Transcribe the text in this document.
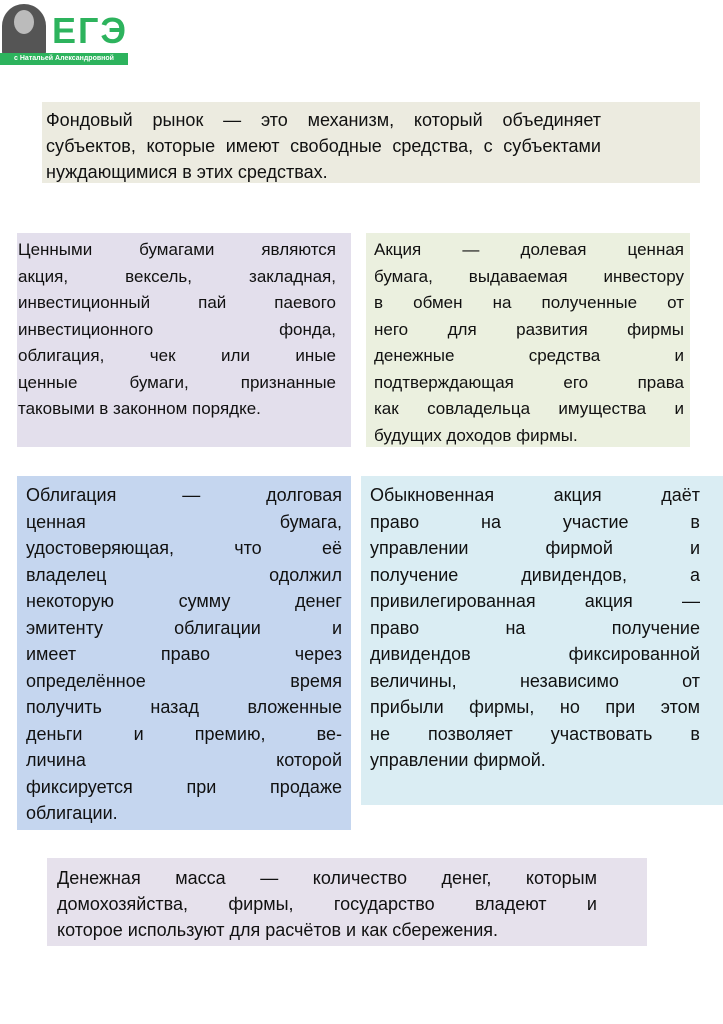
ЕГЭ
с Натальей Александровной
Фондовый рынок — это механизм, который объединяет
субъектов, которые имеют свободные средства, с субъектами
нуждающимися в этих средствах.
Ценными бумагами являются
акция, вексель, закладная,
инвестиционный пай паевого
инвестиционного фонда,
облигация, чек или иные
ценные бумаги, признанные
таковыми в законном порядке.
Акция — долевая ценная
бумага, выдаваемая инвестору
в обмен на полученные от
него для развития фирмы
денежные средства и
подтверждающая его права
как совладельца имущества и
будущих доходов фирмы.
Облигация — долговая
ценная бумага,
удостоверяющая, что её
владелец одолжил
некоторую сумму денег
эмитенту облигации и
имеет право через
определённое время
получить назад вложенные
деньги и премию, ве-
личина которой
фиксируется при продаже
облигации.
Обыкновенная акция даёт
право на участие в
управлении фирмой и
получение дивидендов, а
привилегированная акция —
право на получение
дивидендов фиксированной
величины, независимо от
прибыли фирмы, но при этом
не позволяет участвовать в
управлении фирмой.
Денежная масса — количество денег, которым
домохозяйства, фирмы, государство владеют и
которое используют для расчётов и как сбережения.
